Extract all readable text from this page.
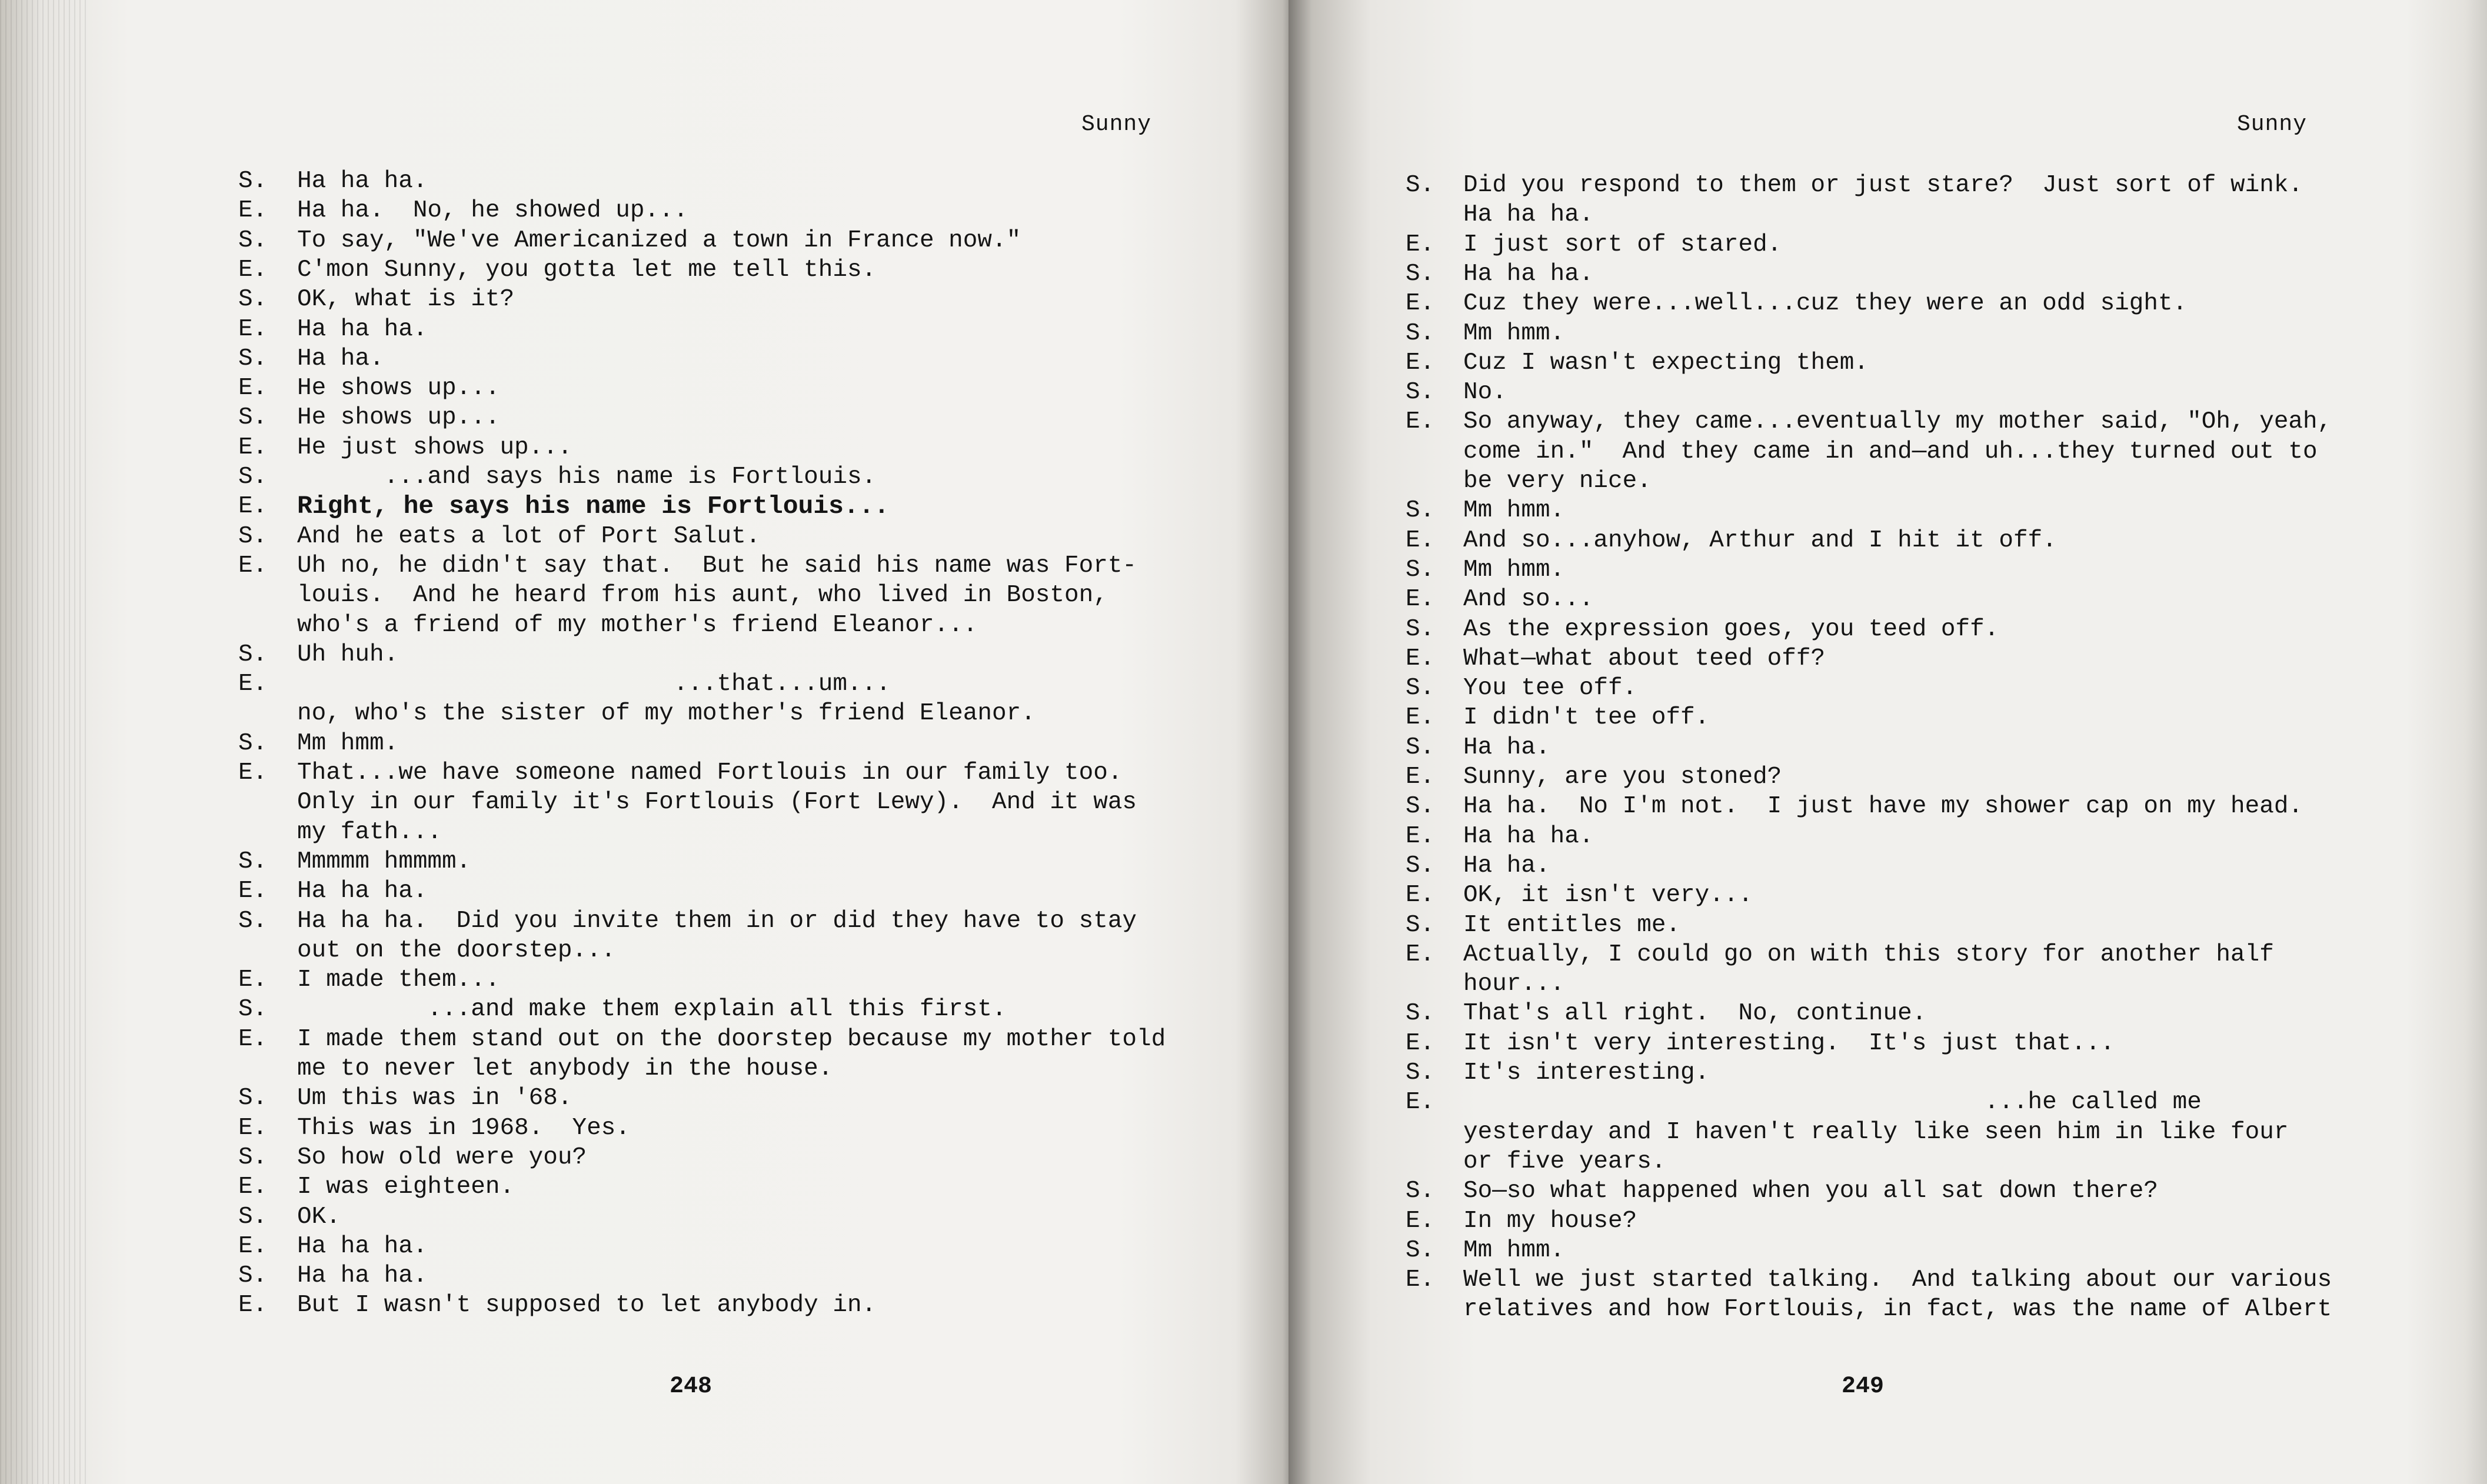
Sunny
S.	Ha ha ha.
E.	Ha ha.  No, he showed up...
S.	To say, "We've Americanized a town in France now."
E.	C'mon Sunny, you gotta let me tell this.
S.	OK, what is it?
E.	Ha ha ha.
S.	Ha ha.
E.	He shows up...
S.	He shows up...
E.	He just shows up...
S.	...and says his name is Fortlouis.
E.	Right, he says his name is Fortlouis...
S.	And he eats a lot of Port Salut.
E.	Uh no, he didn't say that.  But he said his name was Fort-
louis.  And he heard from his aunt, who lived in Boston,
who's a friend of my mother's friend Eleanor...
S.	Uh huh.
E.	...that...um...
no, who's the sister of my mother's friend Eleanor.
S.	Mm hmm.
E.	That...we have someone named Fortlouis in our family too.
Only in our family it's Fortlouis (Fort Lewy).  And it was
my fath...
S.	Mmmmm hmmmm.
E.	Ha ha ha.
S.	Ha ha ha.  Did you invite them in or did they have to stay
out on the doorstep...
E.	I made them...
S.	...and make them explain all this first.
E.	I made them stand out on the doorstep because my mother told
me to never let anybody in the house.
S.	Um this was in '68.
E.	This was in 1968.  Yes.
S.	So how old were you?
E.	I was eighteen.
S.	OK.
E.	Ha ha ha.
S.	Ha ha ha.
E.	But I wasn't supposed to let anybody in.
248
Sunny
S.	Did you respond to them or just stare?  Just sort of wink.
Ha ha ha.
E.	I just sort of stared.
S.	Ha ha ha.
E.	Cuz they were...well...cuz they were an odd sight.
S.	Mm hmm.
E.	Cuz I wasn't expecting them.
S.	No.
E.	So anyway, they came...eventually my mother said, "Oh, yeah,
come in."  And they came in and—and uh...they turned out to
be very nice.
S.	Mm hmm.
E.	And so...anyhow, Arthur and I hit it off.
S.	Mm hmm.
E.	And so...
S.	As the expression goes, you teed off.
E.	What—what about teed off?
S.	You tee off.
E.	I didn't tee off.
S.	Ha ha.
E.	Sunny, are you stoned?
S.	Ha ha.  No I'm not.  I just have my shower cap on my head.
E.	Ha ha ha.
S.	Ha ha.
E.	OK, it isn't very...
S.	It entitles me.
E.	Actually, I could go on with this story for another half
hour...
S.	That's all right.  No, continue.
E.	It isn't very interesting.  It's just that...
S.	It's interesting.
E.	...he called me
yesterday and I haven't really like seen him in like four
or five years.
S.	So—so what happened when you all sat down there?
E.	In my house?
S.	Mm hmm.
E.	Well we just started talking.  And talking about our various
relatives and how Fortlouis, in fact, was the name of Albert
249
